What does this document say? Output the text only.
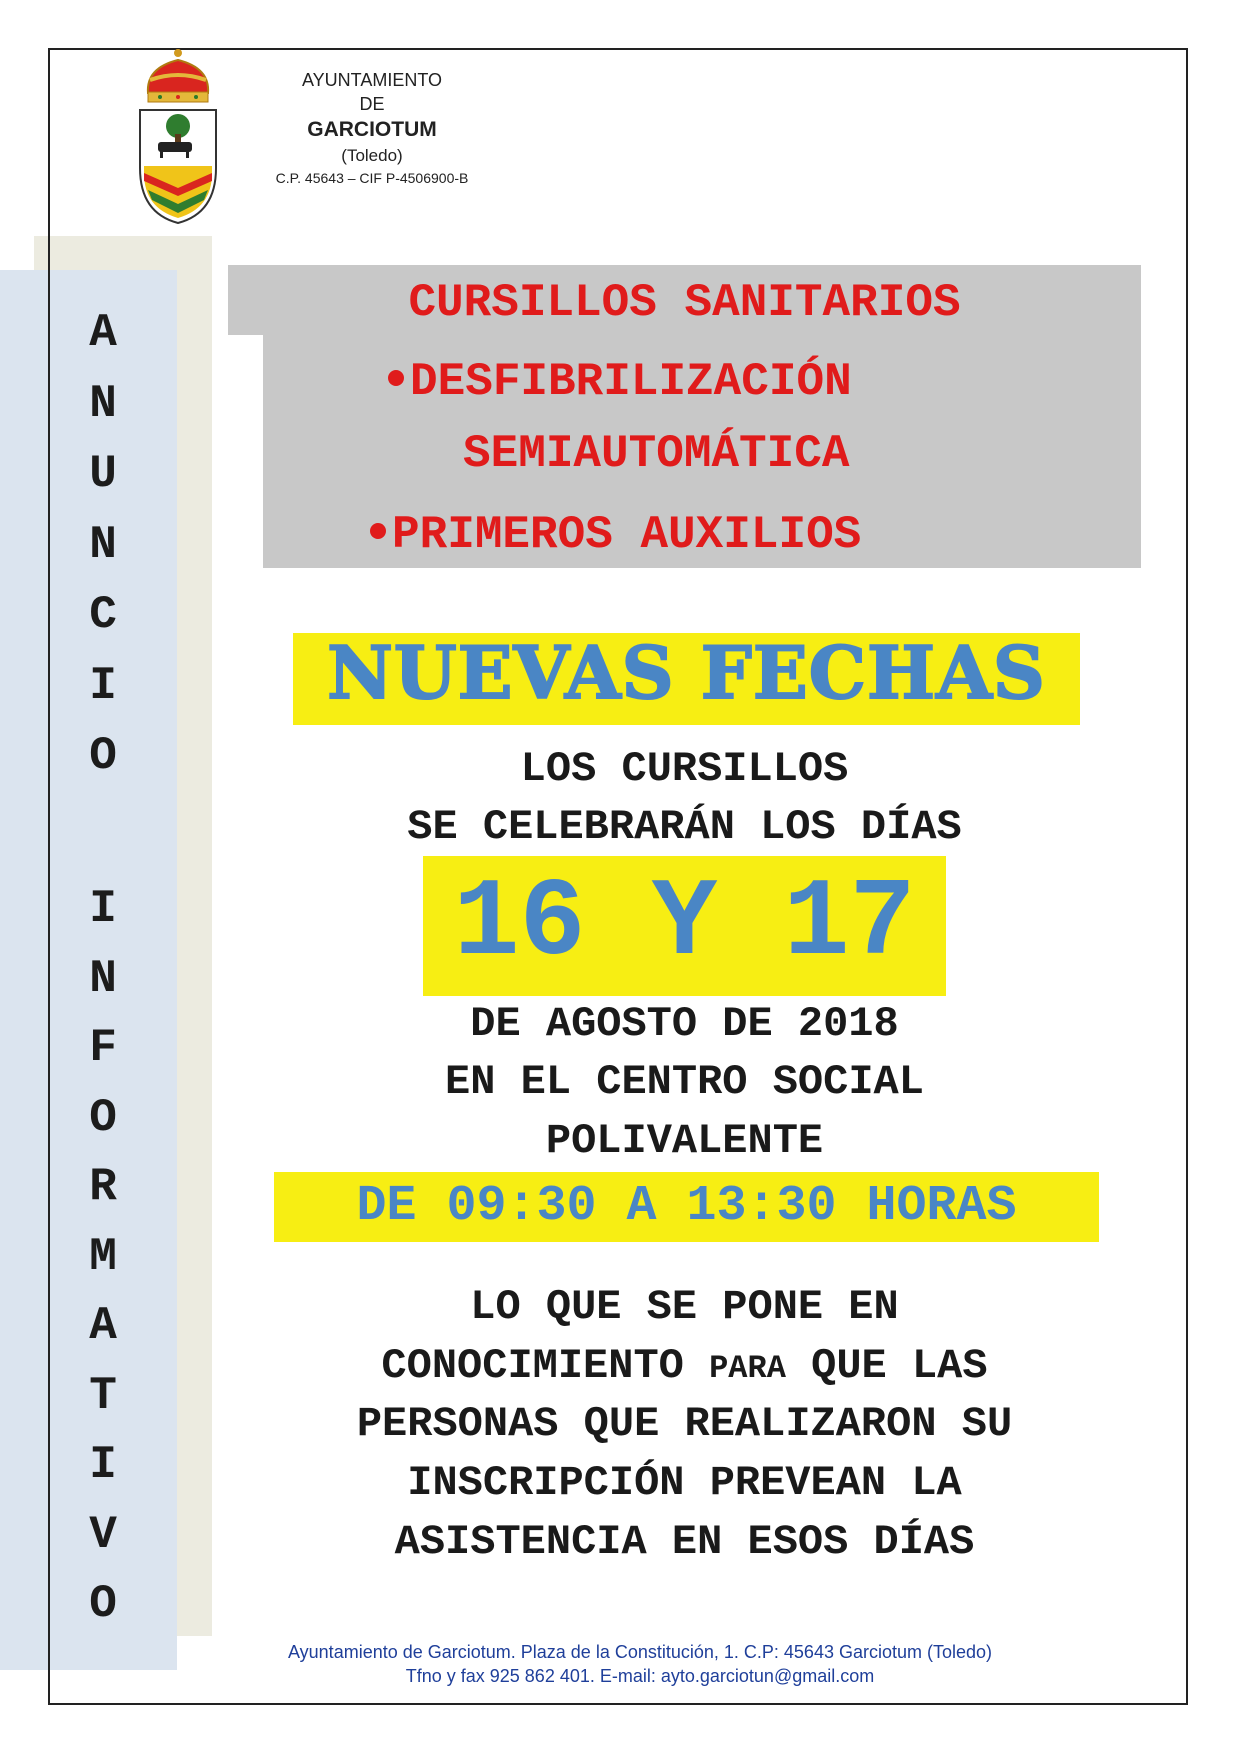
A
N
U
N
C
I
O
I
N
F
O
R
M
A
T
I
V
O
AYUNTAMIENTO
DE
GARCIOTUM
(Toledo)
C.P. 45643 – CIF P-4506900-B
CURSILLOS SANITARIOS
DESFIBRILIZACIÓN
SEMIAUTOMÁTICA
PRIMEROS AUXILIOS
NUEVAS FECHAS
LOS CURSILLOS
SE CELEBRARÁN LOS DÍAS
16 Y 17
DE AGOSTO DE 2018
EN EL CENTRO SOCIAL
POLIVALENTE
DE 09:30 A 13:30 HORAS
LO QUE SE PONE EN
CONOCIMIENTO PARA QUE LAS
PERSONAS QUE REALIZARON SU
INSCRIPCIÓN PREVEAN LA
ASISTENCIA EN ESOS DÍAS
Ayuntamiento de Garciotum. Plaza de la Constitución, 1. C.P: 45643 Garciotum (Toledo)
Tfno y fax 925 862 401. E-mail: ayto.garciotun@gmail.com
